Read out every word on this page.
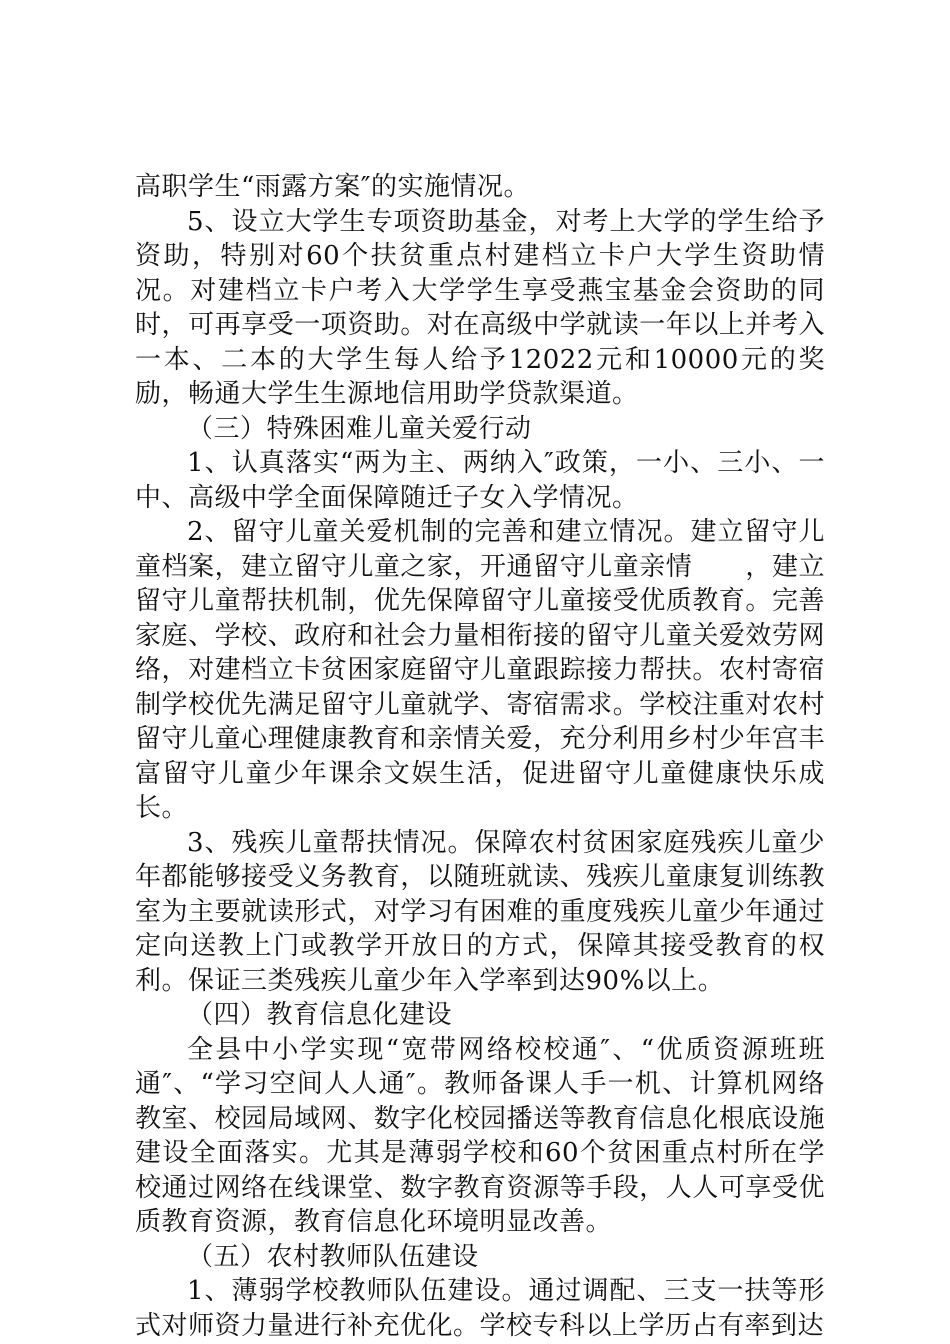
高职学生“雨露方案″的实施情况。

5、设立大学生专项资助基金，对考上大学的学生给予资助，特别对60个扶贫重点村建档立卡户大学生资助情况。对建档立卡户考入大学学生享受燕宝基金会资助的同时，可再享受一项资助。对在高级中学就读一年以上并考入一本、二本的大学生每人给予12022元和10000元的奖励，畅通大学生生源地信用助学贷款渠道。

（三）特殊困难儿童关爱行动

1、认真落实“两为主、两纳入″政策，一小、三小、一中、高级中学全面保障随迁子女入学情况。

2、留守儿童关爱机制的完善和建立情况。建立留守儿童档案，建立留守儿童之家，开通留守儿童亲情　　，建立留守儿童帮扶机制，优先保障留守儿童接受优质教育。完善家庭、学校、政府和社会力量相衔接的留守儿童关爱效劳网络，对建档立卡贫困家庭留守儿童跟踪接力帮扶。农村寄宿制学校优先满足留守儿童就学、寄宿需求。学校注重对农村留守儿童心理健康教育和亲情关爱，充分利用乡村少年宫丰富留守儿童少年课余文娱生活，促进留守儿童健康快乐成长。

3、残疾儿童帮扶情况。保障农村贫困家庭残疾儿童少年都能够接受义务教育，以随班就读、残疾儿童康复训练教室为主要就读形式，对学习有困难的重度残疾儿童少年通过定向送教上门或教学开放日的方式，保障其接受教育的权利。保证三类残疾儿童少年入学率到达90%以上。

（四）教育信息化建设

全县中小学实现“宽带网络校校通″、“优质资源班班通″、“学习空间人人通″。教师备课人手一机、计算机网络教室、校园局域网、数字化校园播送等教育信息化根底设施建设全面落实。尤其是薄弱学校和60个贫困重点村所在学校通过网络在线课堂、数字教育资源等手段，人人可享受优质教育资源，教育信息化环境明显改善。

（五）农村教师队伍建设

1、薄弱学校教师队伍建设。通过调配、三支一扶等形式对师资力量进行补充优化。学校专科以上学历占有率到达
